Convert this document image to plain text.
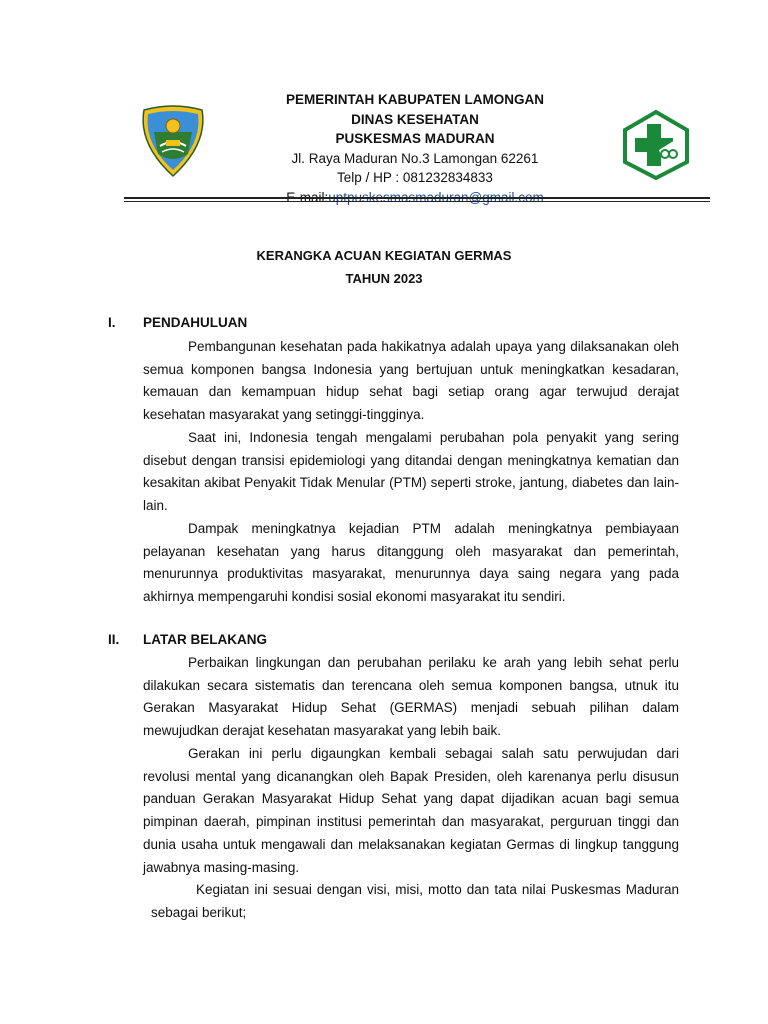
PEMERINTAH KABUPATEN LAMONGAN
DINAS KESEHATAN
PUSKESMAS MADURAN
Jl. Raya Maduran No.3 Lamongan 62261
Telp / HP : 081232834833
KERANGKA ACUAN KEGIATAN GERMAS
TAHUN 2023
I. PENDAHULUAN

Pembangunan kesehatan pada hakikatnya adalah upaya yang dilaksanakan oleh semua komponen bangsa Indonesia yang bertujuan untuk meningkatkan kesadaran, kemauan dan kemampuan hidup sehat bagi setiap orang agar terwujud derajat kesehatan masyarakat yang setinggi-tingginya.

Saat ini, Indonesia tengah mengalami perubahan pola penyakit yang sering disebut dengan transisi epidemiologi yang ditandai dengan meningkatnya kematian dan kesakitan akibat Penyakit Tidak Menular (PTM) seperti stroke, jantung, diabetes dan lain-lain.

Dampak meningkatnya kejadian PTM adalah meningkatnya pembiayaan pelayanan kesehatan yang harus ditanggung oleh masyarakat dan pemerintah, menurunnya produktivitas masyarakat, menurunnya daya saing negara yang pada akhirnya mempengaruhi kondisi sosial ekonomi masyarakat itu sendiri.

II. LATAR BELAKANG

Perbaikan lingkungan dan perubahan perilaku ke arah yang lebih sehat perlu dilakukan secara sistematis dan terencana oleh semua komponen bangsa, utnuk itu Gerakan Masyarakat Hidup Sehat (GERMAS) menjadi sebuah pilihan dalam mewujudkan derajat kesehatan masyarakat yang lebih baik.

Gerakan ini perlu digaungkan kembali sebagai salah satu perwujudan dari revolusi mental yang dicanangkan oleh Bapak Presiden, oleh karenanya perlu disusun panduan Gerakan Masyarakat Hidup Sehat yang dapat dijadikan acuan bagi semua pimpinan daerah, pimpinan institusi pemerintah dan masyarakat, perguruan tinggi dan dunia usaha untuk mengawali dan melaksanakan kegiatan Germas di lingkup tanggung jawabnya masing-masing.

Kegiatan ini sesuai dengan visi, misi, motto dan tata nilai Puskesmas Maduran sebagai berikut;
